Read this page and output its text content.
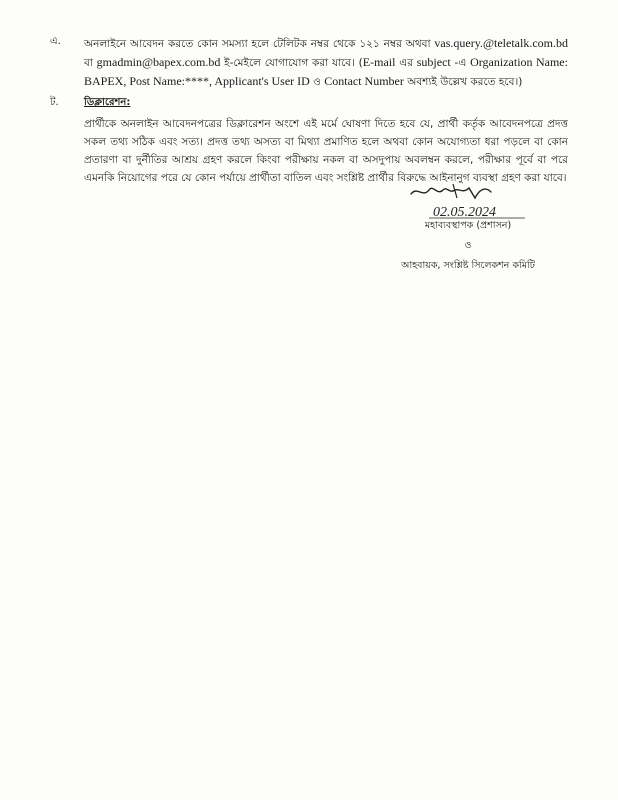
এ.	অনলাইনে আবেদন করতে কোন সমস্যা হলে টেলিটক নম্বর থেকে ১২১ নম্বর অথবা vas.query.@teletalk.com.bd বা gmadmin@bapex.com.bd ই-মেইলে যোগাযোগ করা যাবে। (E-mail এর subject -এ Organization Name: BAPEX, Post Name:****, Applicant's User ID ও Contact Number অবশ্যই উল্লেখ করতে হবে।)

ট.	ডিক্লারেশন:

প্রার্থীকে অনলাইন আবেদনপত্রের ডিক্লারেশন অংশে এই মর্মে ঘোষণা দিতে হবে যে, প্রার্থী কর্তৃক আবেদনপত্রে প্রদত্ত সকল তথ্য সঠিক এবং সত্য। প্রদত্ত তথ্য অসত্য বা মিথ্যা প্রমাণিত হলে অথবা কোন অযোগ্যতা ধরা পড়লে বা কোন প্রতারণা বা দুর্নীতির আশ্রয় গ্রহণ করলে কিংবা পরীক্ষায় নকল বা অসদুপায় অবলম্বন করলে, পরীক্ষার পূর্বে বা পরে এমনকি নিয়োগের পরে যে কোন পর্যায়ে প্রার্থীতা বাতিল এবং সংশ্লিষ্ট প্রার্থীর বিরুদ্ধে আইনানুগ ব্যবস্থা গ্রহণ করা যাবে।

02.05.2024
মহাব্যবস্থাপক (প্রশাসন)
ও
আহবায়ক, সংশ্লিষ্ট সিলেকশন কমিটি
